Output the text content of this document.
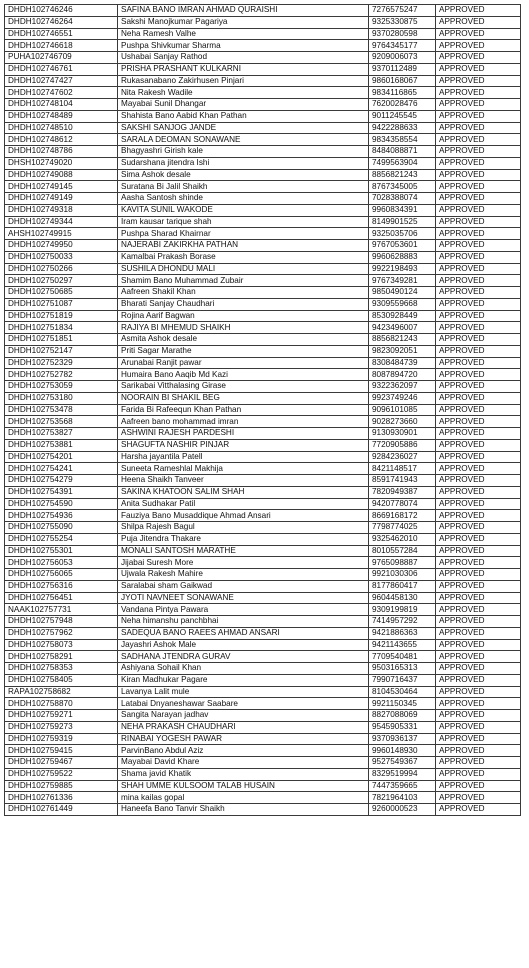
DHDH102746246	SAFINA BANO IMRAN AHMAD QURAISHI	7276575247	APPROVED
DHDH102746264	Sakshi Manojkumar Pagariya	9325330875	APPROVED
DHDH102746551	Neha Ramesh Valhe	9370280598	APPROVED
DHDH102746618	Pushpa Shivkumar Sharma	9764345177	APPROVED
PUHA102746709	Ushabai Sanjay Rathod	9209006073	APPROVED
DHDH102746761	PRISHA PRASHANT KULKARNI	9370112489	APPROVED
DHDH102747427	Rukasanabano Zakirhusen Pinjari	9860168067	APPROVED
DHDH102747602	Nita Rakesh Wadile	9834116865	APPROVED
DHDH102748104	Mayabai Sunil Dhangar	7620028476	APPROVED
DHDH102748489	Shahista Bano Aabid Khan Pathan	9011245545	APPROVED
DHDH102748510	SAKSHI SANJOG JANDE	9422288633	APPROVED
DHDH102748612	SARALA DEOMAN SONAWANE	9834358554	APPROVED
DHDH102748786	Bhagyashri Girish kale	8484088871	APPROVED
DHSH102749020	Sudarshana jitendra Ishi	7499563904	APPROVED
DHDH102749088	Sima Ashok desale	8856821243	APPROVED
DHDH102749145	Suratana Bi Jalil Shaikh	8767345005	APPROVED
DHDH102749149	Aasha Santosh shinde	7028388074	APPROVED
DHDH102749318	KAVITA SUNIL WAKODE	9960834391	APPROVED
DHDH102749344	Iram kausar tarique shah	8149901525	APPROVED
AHSH102749915	Pushpa Sharad Khairnar	9325035706	APPROVED
DHDH102749950	NAJERABI ZAKIRKHA PATHAN	9767053601	APPROVED
DHDH102750033	Kamalbai Prakash Borase	9960628883	APPROVED
DHDH102750266	SUSHILA DHONDU MALI	9922198493	APPROVED
DHDH102750297	Shamim Bano Muhammad Zubair	9767349281	APPROVED
DHDH102750685	Aafreen Shakil Khan	9850490124	APPROVED
DHDH102751087	Bharati Sanjay Chaudhari	9309559668	APPROVED
DHDH102751819	Rojina Aarif Bagwan	8530928449	APPROVED
DHDH102751834	RAJIYA BI MHEMUD SHAIKH	9423496007	APPROVED
DHDH102751851	Asmita Ashok desale	8856821243	APPROVED
DHDH102752147	Priti Sagar Marathe	9823092051	APPROVED
DHDH102752329	Arunabai Ranjit pawar	8308484739	APPROVED
DHDH102752782	Humaira Bano Aaqib Md Kazi	8087894720	APPROVED
DHDH102753059	Sarikabai Vitthalasing Girase	9322362097	APPROVED
DHDH102753180	NOORAIN BI SHAKIL BEG	9923749246	APPROVED
DHDH102753478	Farida Bi Rafeequn Khan Pathan	9096101085	APPROVED
DHDH102753568	Aafreen bano mohammad imran	9028273660	APPROVED
DHDH102753827	ASHWINI RAJESH PARDESHI	9130930901	APPROVED
DHDH102753881	SHAGUFTA NASHIR PINJAR	7720905886	APPROVED
DHDH102754201	Harsha jayantila Patell	9284236027	APPROVED
DHDH102754241	Suneeta Rameshlal Makhija	8421148517	APPROVED
DHDH102754279	Heena Shaikh Tanveer	8591741943	APPROVED
DHDH102754391	SAKINA KHATOON SALIM SHAH	7820949387	APPROVED
DHDH102754590	Anita Sudhakar Patil	9420778074	APPROVED
DHDH102754936	Fauziya Bano Musaddique Ahmad Ansari	8669168172	APPROVED
DHDH102755090	Shilpa Rajesh Bagul	7798774025	APPROVED
DHDH102755254	Puja Jitendra Thakare	9325462010	APPROVED
DHDH102755301	MONALI SANTOSH MARATHE	8010557284	APPROVED
DHDH102756053	Jijabai Suresh More	9765098887	APPROVED
DHDH102756065	Ujwala Rakesh Mahire	9921030306	APPROVED
DHDH102756316	Saralabai sham Gaikwad	8177860417	APPROVED
DHDH102756451	JYOTI NAVNEET SONAWANE	9604458130	APPROVED
NAAK102757731	Vandana Pintya Pawara	9309199819	APPROVED
DHDH102757948	Neha himanshu panchbhai	7414957292	APPROVED
DHDH102757962	SADEQUA BANO RAEES AHMAD ANSARI	9421886363	APPROVED
DHDH102758073	Jayashri Ashok Male	9421143655	APPROVED
DHDH102758291	SADHANA JTENDRA GURAV	7709540481	APPROVED
DHDH102758353	Ashiyana Sohail Khan	9503165313	APPROVED
DHDH102758405	Kiran Madhukar Pagare	7990716437	APPROVED
RAPA102758682	Lavanya Lalit mule	8104530464	APPROVED
DHDH102758870	Latabai Dnyaneshawar Saabare	9921150345	APPROVED
DHDH102759271	Sangita Narayan jadhav	8827088069	APPROVED
DHDH102759273	NEHA PRAKASH CHAUDHARI	9545905331	APPROVED
DHDH102759319	RINABAI YOGESH PAWAR	9370936137	APPROVED
DHDH102759415	ParvinBano Abdul Aziz	9960148930	APPROVED
DHDH102759467	Mayabai David Khare	9527549367	APPROVED
DHDH102759522	Shama javid Khatik	8329519994	APPROVED
DHDH102759885	SHAH UMME KULSOOM TALAB HUSAIN	7447359665	APPROVED
DHDH102761336	mina kailas gopal	7821964103	APPROVED
DHDH102761449	Haneefa Bano Tanvir Shaikh	9260000523	APPROVED
